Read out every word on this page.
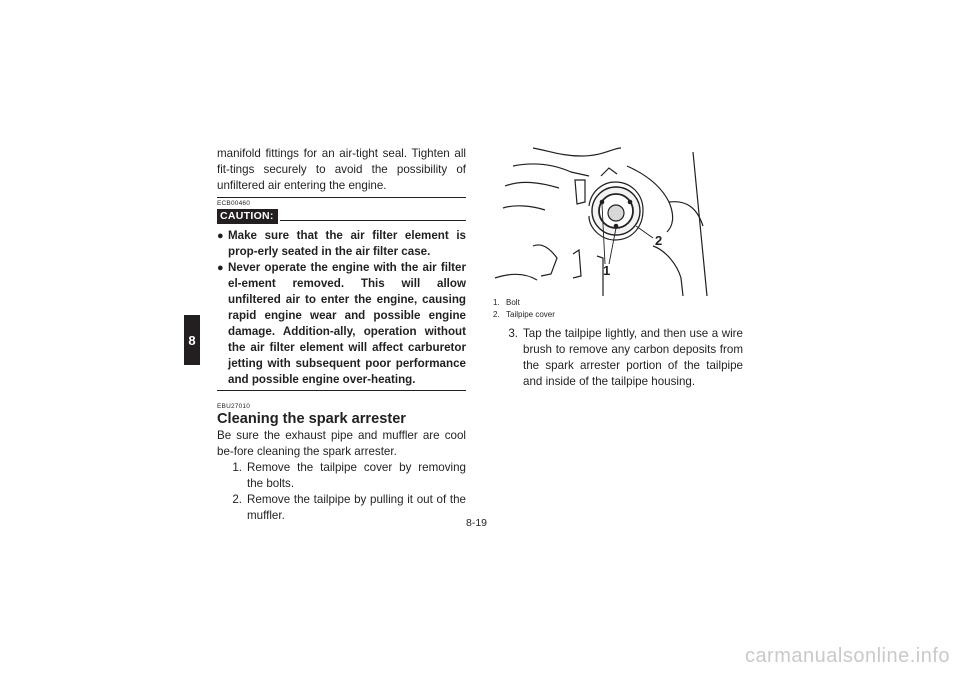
8

manifold fittings for an air-tight seal. Tighten all fit-tings securely to avoid the possibility of unfiltered air entering the engine.

ECB00460

CAUTION:
● Make sure that the air filter element is prop-erly seated in the air filter case.
● Never operate the engine with the air filter el-ement removed. This will allow unfiltered air to enter the engine, causing rapid engine wear and possible engine damage. Addition-ally, operation without the air filter element will affect carburetor jetting with subsequent poor performance and possible engine over-heating.

EBU27010

Cleaning the spark arrester

Be sure the exhaust pipe and muffler are cool be-fore cleaning the spark arrester.

1. Remove the tailpipe cover by removing the bolts.
2. Remove the tailpipe by pulling it out of the muffler.
1
2
1. Bolt
2. Tailpipe cover
3. Tap the tailpipe lightly, and then use a wire brush to remove any carbon deposits from the spark arrester portion of the tailpipe and inside of the tailpipe housing.
8-19
carmanualsonline.info
